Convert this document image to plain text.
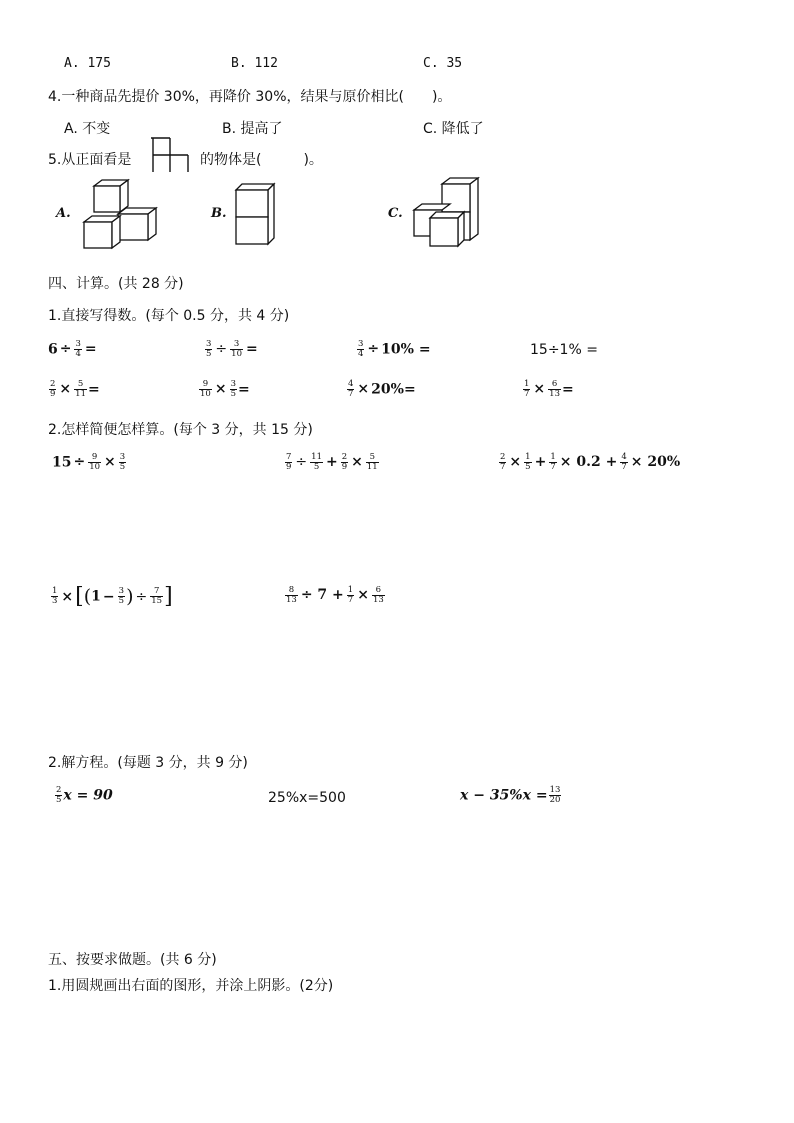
A. 175	B. 112	C. 35
4.一种商品先提价 30%，再降价 30%，结果与原价相比(　　)。
A. 不变	B. 提高了	C. 降低了
5.从正面看是	的物体是(　　　)。
A.	B.	C.
四、计算。(共 28 分)
1.直接写得数。(每个 0.5 分，共 4 分)
$6 \div \frac{3}{4}$ =	$\frac{3}{5} \div \frac{3}{10}$ =	$\frac{3}{4} \div 10\%$ =	15÷1% =
$\frac{2}{9} \times \frac{5}{11}$ =	$\frac{9}{10} \times \frac{3}{5}$ =	$\frac{4}{7} \times 20\%=$	$\frac{1}{7} \times \frac{6}{13}$ =
2.怎样简便怎样算。(每个 3 分，共 15 分)
$15 \div \frac{9}{10} \times \frac{3}{5}$	$\frac{7}{9} \div \frac{11}{5} + \frac{2}{9} \times \frac{5}{11}$	$\frac{2}{7} \times \frac{1}{5} + \frac{1}{7} \times 0.2 + \frac{4}{7} \times 20\%$
$\frac{1}{3} \times[(1 - \frac{3}{5}$ ) ÷ $\frac{7}{15}$ ]	$\frac{8}{13} \div 7 + \frac{1}{7} \times \frac{6}{13}$
2.解方程。(每题 3 分，共 9 分)
$\frac{2}{5}$ x = 90	25%x=500	$x - 35\%x = \frac{13}{20}$
五、按要求做题。(共 6 分)
1.用圆规画出右面的图形，并涂上阴影。(2分)
